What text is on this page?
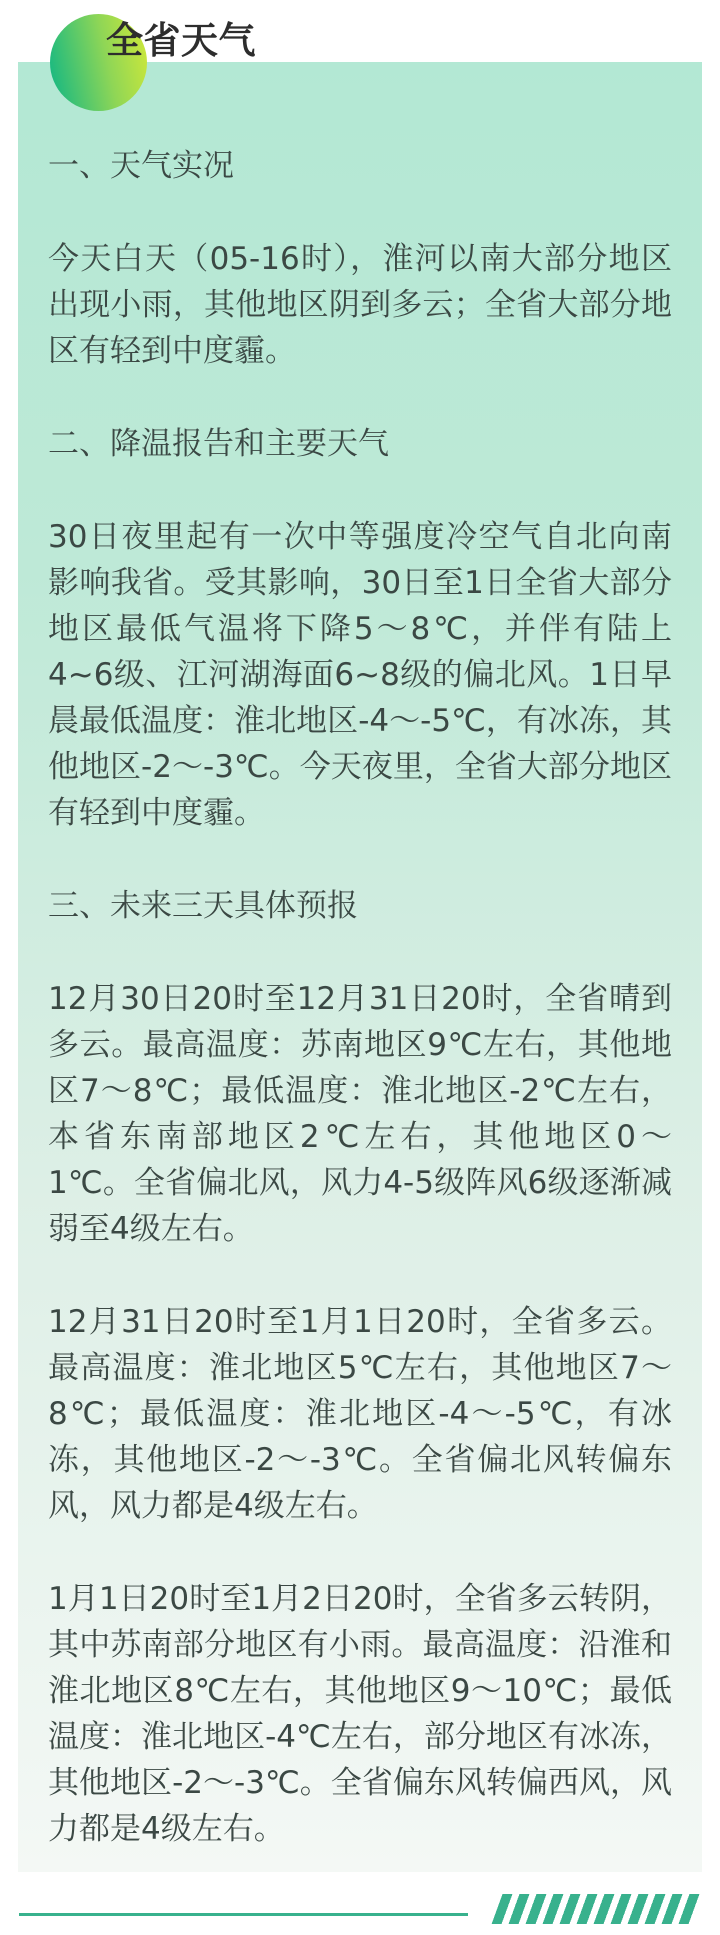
全省天气
一、天气实况

今天白天（05-16时），淮河以南大部分地区出现小雨，其他地区阴到多云；全省大部分地区有轻到中度霾。

二、降温报告和主要天气

30日夜里起有一次中等强度冷空气自北向南影响我省。受其影响，30日至1日全省大部分地区最低气温将下降5～8℃，并伴有陆上4~6级、江河湖海面6~8级的偏北风。1日早晨最低温度：淮北地区-4～-5℃，有冰冻，其他地区-2～-3℃。今天夜里，全省大部分地区有轻到中度霾。

三、未来三天具体预报

12月30日20时至12月31日20时，全省晴到多云。最高温度：苏南地区9℃左右，其他地区7～8℃；最低温度：淮北地区-2℃左右，本省东南部地区2℃左右，其他地区0～1℃。全省偏北风，风力4-5级阵风6级逐渐减弱至4级左右。

12月31日20时至1月1日20时，全省多云。最高温度：淮北地区5℃左右，其他地区7～8℃；最低温度：淮北地区-4～-5℃，有冰冻，其他地区-2～-3℃。全省偏北风转偏东风，风力都是4级左右。

1月1日20时至1月2日20时，全省多云转阴，其中苏南部分地区有小雨。最高温度：沿淮和淮北地区8℃左右，其他地区9～10℃；最低温度：淮北地区-4℃左右，部分地区有冰冻，其他地区-2～-3℃。全省偏东风转偏西风，风力都是4级左右。
